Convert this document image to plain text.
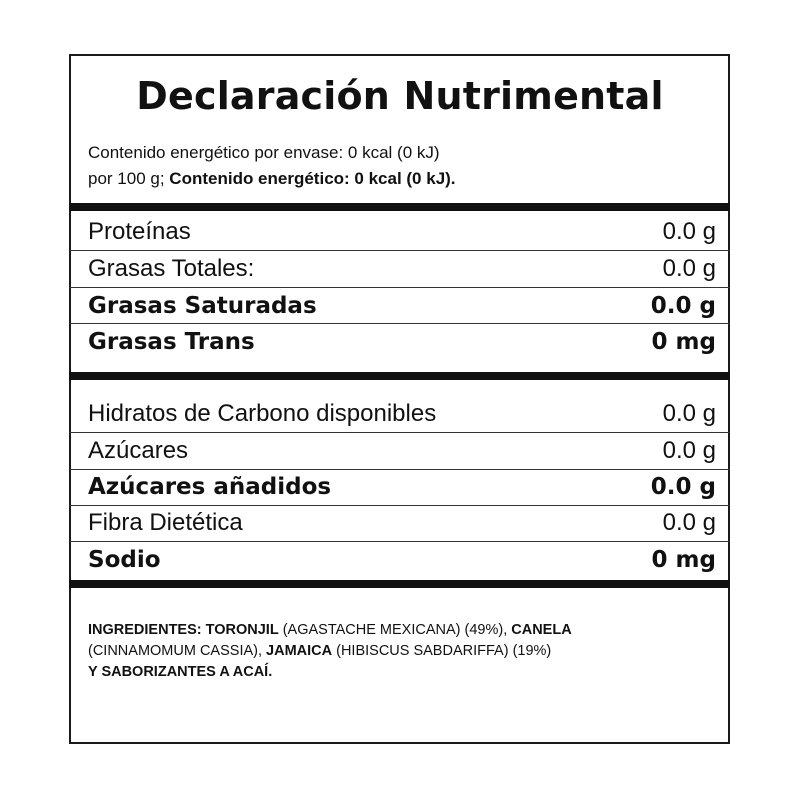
Declaración Nutrimental
Contenido energético por envase: 0 kcal (0 kJ)
por 100 g; Contenido energético: 0 kcal (0 kJ).
Proteínas	0.0 g
Grasas Totales:	0.0 g
Grasas Saturadas	0.0 g
Grasas Trans	0 mg
Hidratos de Carbono disponibles	0.0 g
Azúcares	0.0 g
Azúcares añadidos	0.0 g
Fibra Dietética	0.0 g
Sodio	0 mg
INGREDIENTES: TORONJIL (AGASTACHE MEXICANA) (49%), CANELA
(CINNAMOMUM CASSIA), JAMAICA (HIBISCUS SABDARIFFA) (19%)
Y SABORIZANTES A ACAÍ.
